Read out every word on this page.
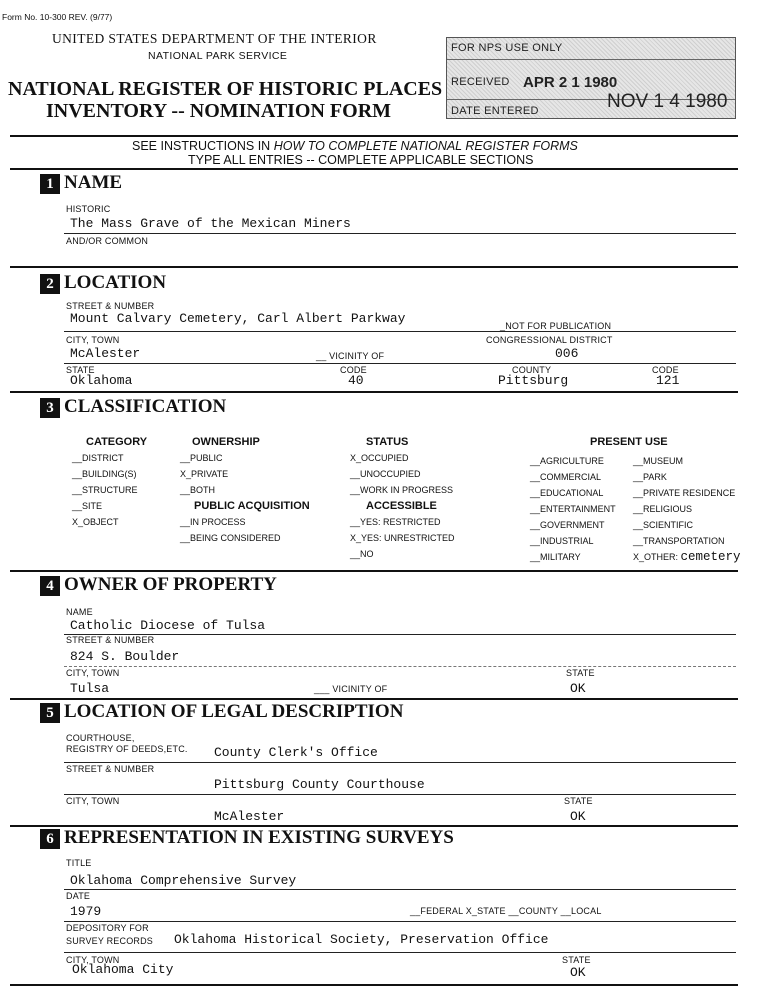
Form No. 10-300 REV. (9/77)
UNITED STATES DEPARTMENT OF THE INTERIOR
NATIONAL PARK SERVICE
NATIONAL REGISTER OF HISTORIC PLACES
INVENTORY -- NOMINATION FORM
FOR NPS USE ONLY
RECEIVED APR 2 1 1980
DATE ENTERED	NOV 1 4 1980
SEE INSTRUCTIONS IN HOW TO COMPLETE NATIONAL REGISTER FORMS
TYPE ALL ENTRIES -- COMPLETE APPLICABLE SECTIONS
1 NAME
HISTORIC
The Mass Grave of the Mexican Miners
AND/OR COMMON
2 LOCATION
STREET & NUMBER
Mount Calvary Cemetery, Carl Albert Parkway	_NOT FOR PUBLICATION
CITY, TOWN	CONGRESSIONAL DISTRICT
McAlester	__ VICINITY OF	006
STATE	CODE	COUNTY	CODE
Oklahoma	40	Pittsburg	121
3 CLASSIFICATION
CATEGORY
__DISTRICT
__BUILDING(S)
__STRUCTURE
__SITE
X_OBJECT
OWNERSHIP
__PUBLIC
X_PRIVATE
__BOTH
PUBLIC ACQUISITION
__IN PROCESS
__BEING CONSIDERED
STATUS
X_OCCUPIED
__UNOCCUPIED
__WORK IN PROGRESS
ACCESSIBLE
__YES: RESTRICTED
X_YES: UNRESTRICTED
__NO
PRESENT USE
__AGRICULTURE
__COMMERCIAL
__EDUCATIONAL
__ENTERTAINMENT
__GOVERNMENT
__INDUSTRIAL
__MILITARY
__MUSEUM
__PARK
__PRIVATE RESIDENCE
__RELIGIOUS
__SCIENTIFIC
__TRANSPORTATION
X_OTHER: cemetery
4 OWNER OF PROPERTY
NAME
Catholic Diocese of Tulsa
STREET & NUMBER
824 S. Boulder
CITY, TOWN	STATE
Tulsa	___ VICINITY OF	OK
5 LOCATION OF LEGAL DESCRIPTION
COURTHOUSE,
REGISTRY OF DEEDS,ETC. County Clerk's Office
STREET & NUMBER
Pittsburg County Courthouse
CITY, TOWN	STATE
McAlester	OK
6 REPRESENTATION IN EXISTING SURVEYS
TITLE
Oklahoma Comprehensive Survey
DATE
1979	__FEDERAL X_STATE __COUNTY __LOCAL
DEPOSITORY FOR
SURVEY RECORDS Oklahoma Historical Society, Preservation Office
CITY, TOWN	STATE
Oklahoma City	OK
